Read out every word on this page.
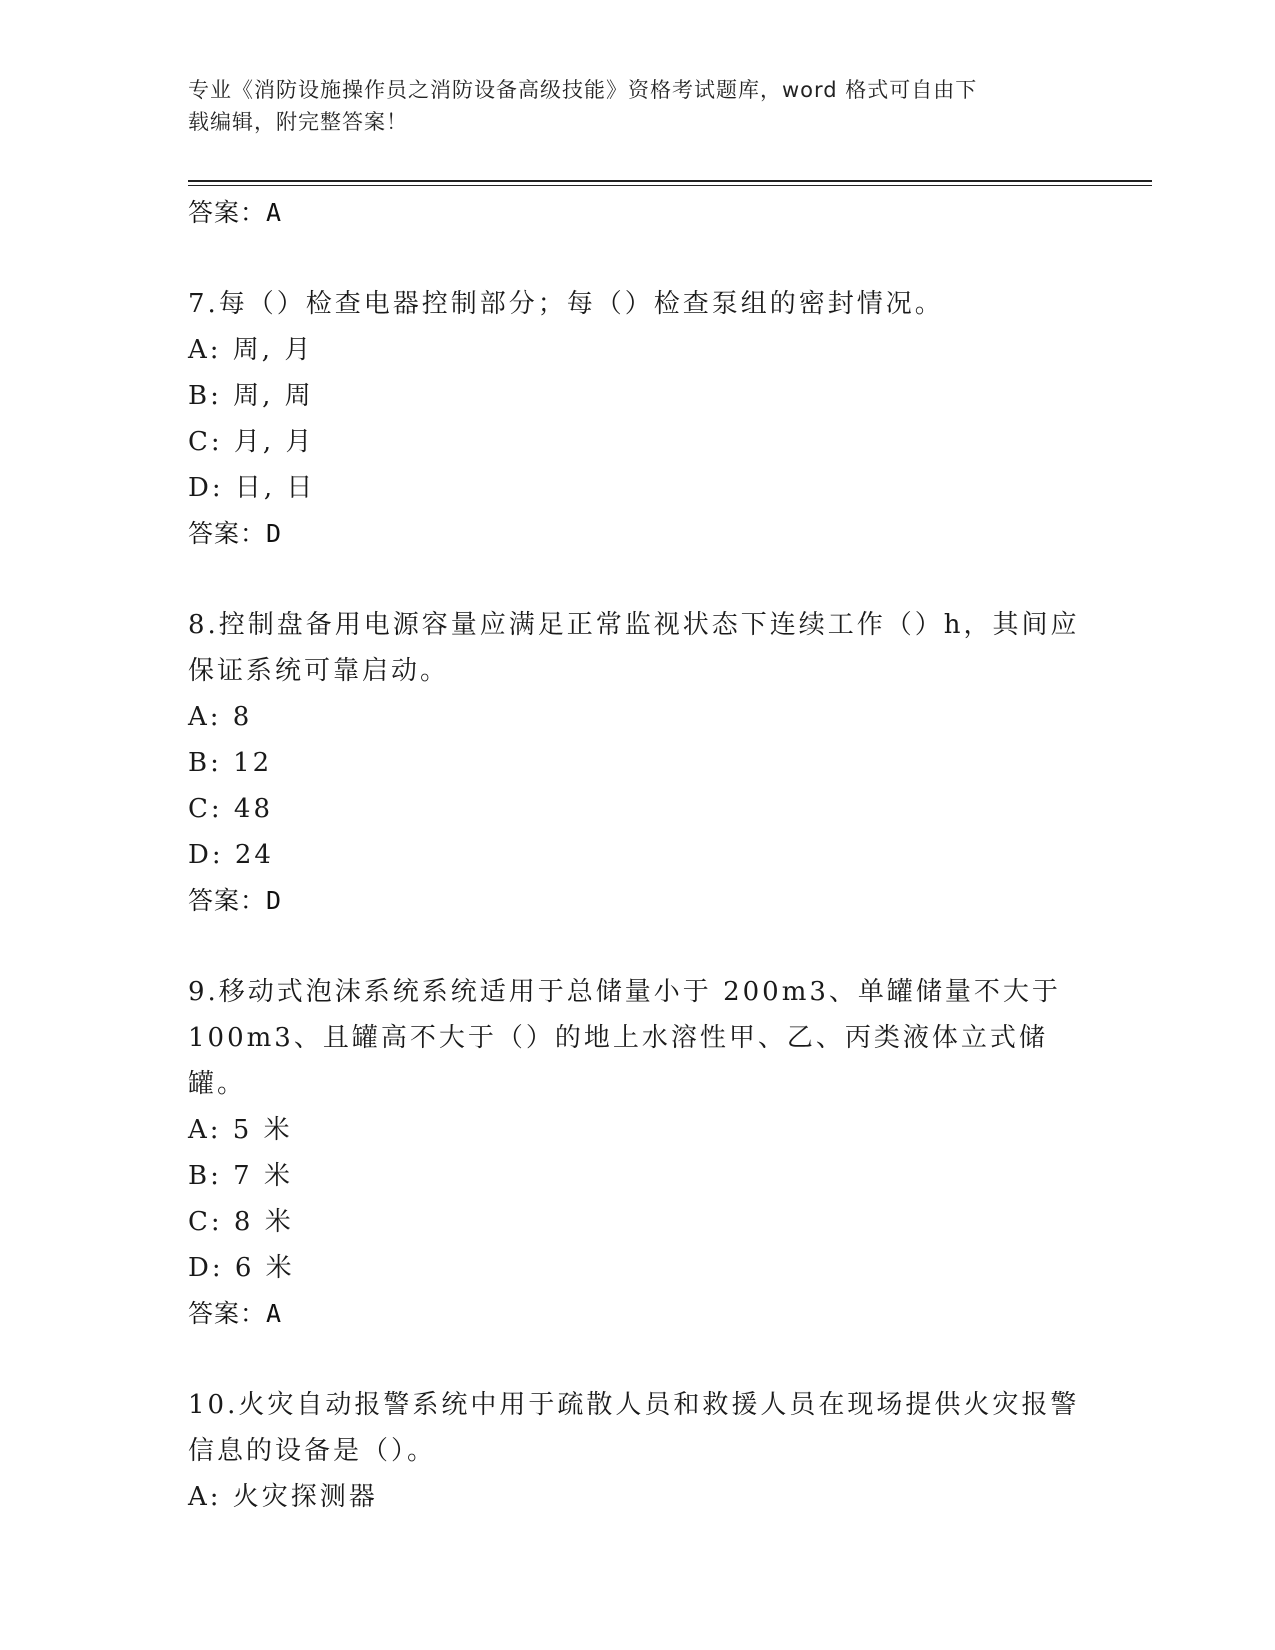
专业《消防设施操作员之消防设备高级技能》资格考试题库，word 格式可自由下
载编辑，附完整答案！
答案：A
7.每（）检查电器控制部分；每（）检查泵组的密封情况。
A: 周, 月
B: 周, 周
C: 月, 月
D: 日, 日
答案：D
8.控制盘备用电源容量应满足正常监视状态下连续工作（）h，其间应
保证系统可靠启动。
A: 8
B: 12
C: 48
D: 24
答案：D
9.移动式泡沫系统系统适用于总储量小于 200m3、单罐储量不大于
100m3、且罐高不大于（）的地上水溶性甲、乙、丙类液体立式储罐。
A: 5 米
B: 7 米
C: 8 米
D: 6 米
答案：A
10.火灾自动报警系统中用于疏散人员和救援人员在现场提供火灾报警
信息的设备是（）。
A: 火灾探测器
